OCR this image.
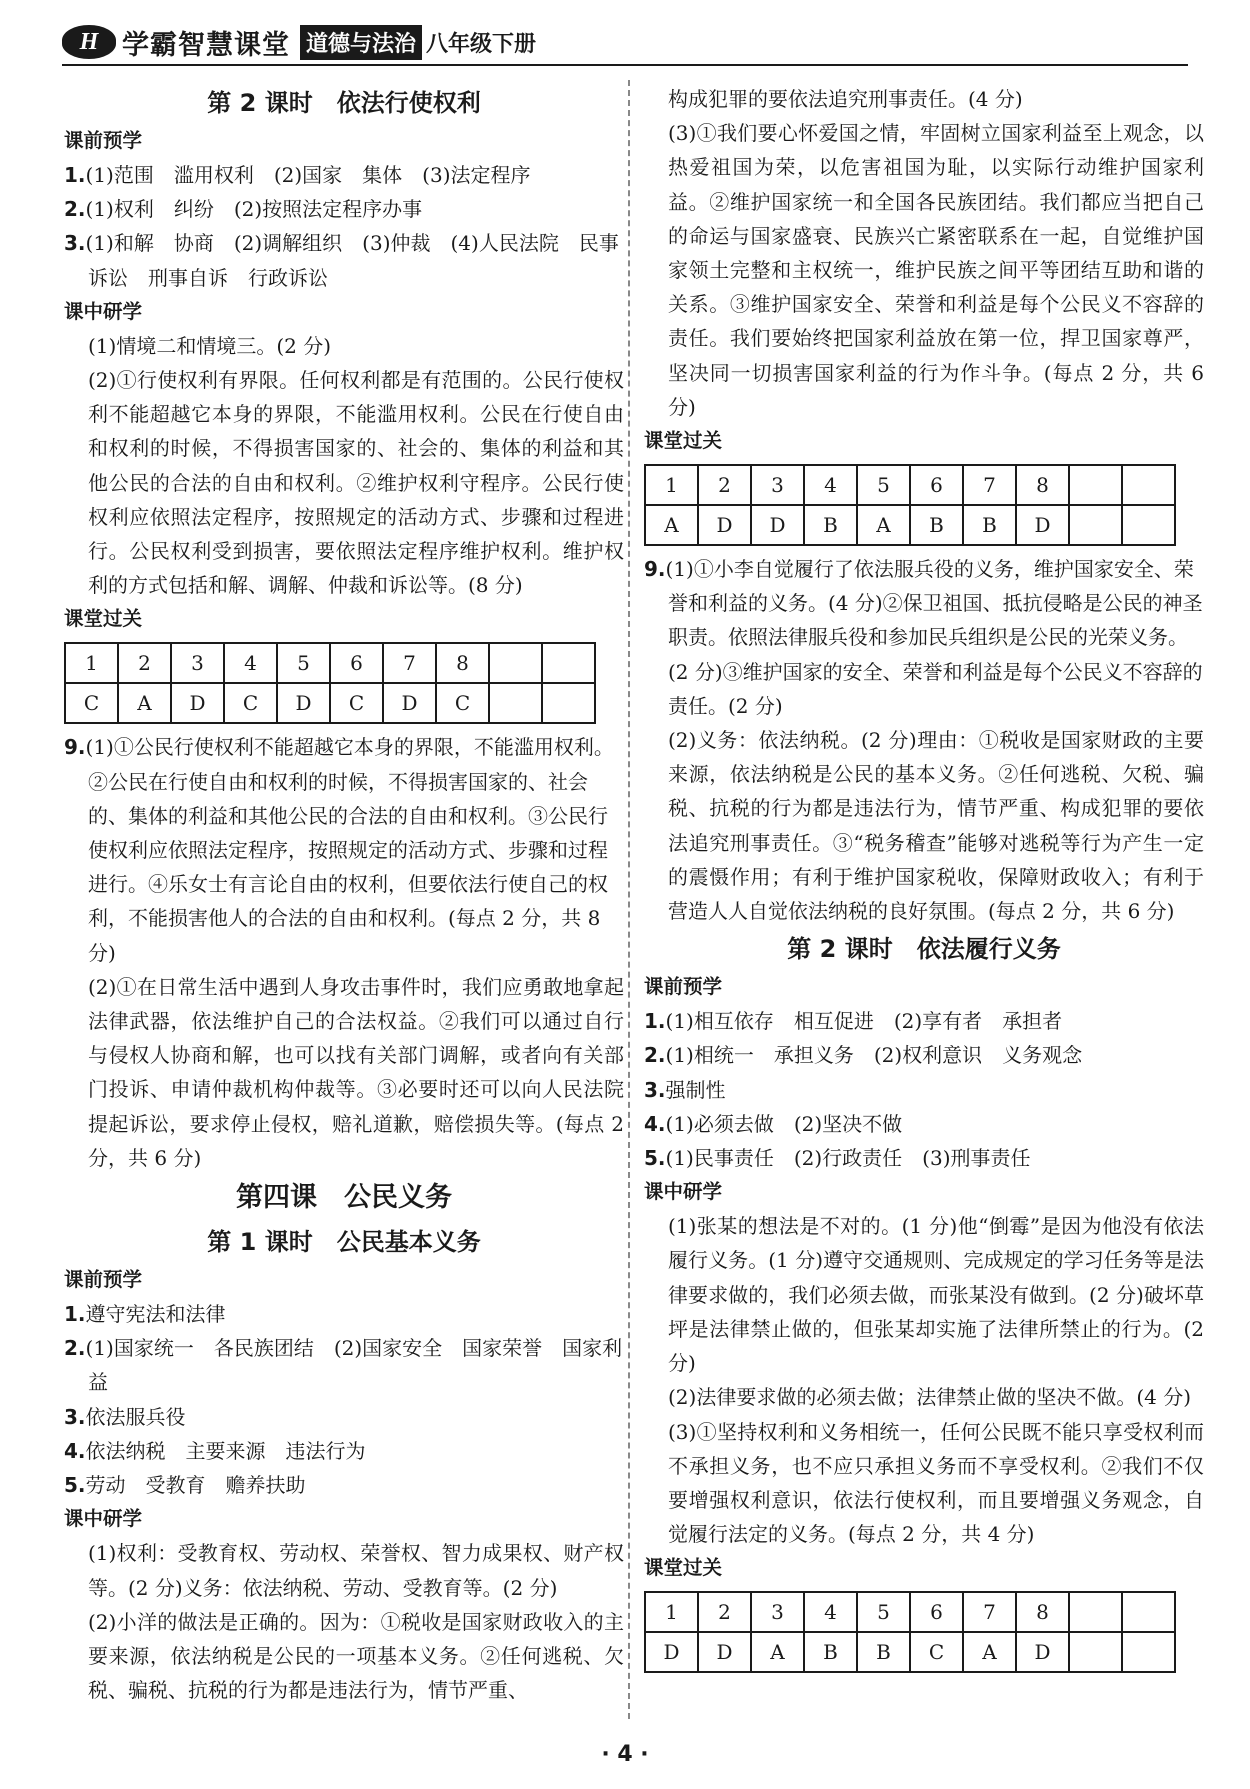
H 学霸智慧课堂 道德与法治 八年级下册
第 2 课时　依法行使权利
课前预学
1.(1)范围　滥用权利　(2)国家　集体　(3)法定程序
2.(1)权利　纠纷　(2)按照法定程序办事
3.(1)和解　协商　(2)调解组织　(3)仲裁　(4)人民法院　民事诉讼　刑事自诉　行政诉讼
课中研学
(1)情境二和情境三。(2 分)
(2)①行使权利有界限。任何权利都是有范围的。公民行使权利不能超越它本身的界限，不能滥用权利。公民在行使自由和权利的时候，不得损害国家的、社会的、集体的利益和其他公民的合法的自由和权利。②维护权利守程序。公民行使权利应依照法定程序，按照规定的活动方式、步骤和过程进行。公民权利受到损害，要依照法定程序维护权利。维护权利的方式包括和解、调解、仲裁和诉讼等。(8 分)
课堂过关
1	2	3	4	5	6	7	8		
C	A	D	C	D	C	D	C		
9.(1)①公民行使权利不能超越它本身的界限，不能滥用权利。②公民在行使自由和权利的时候，不得损害国家的、社会的、集体的利益和其他公民的合法的自由和权利。③公民行使权利应依照法定程序，按照规定的活动方式、步骤和过程进行。④乐女士有言论自由的权利，但要依法行使自己的权利，不能损害他人的合法的自由和权利。(每点 2 分，共 8 分)
(2)①在日常生活中遇到人身攻击事件时，我们应勇敢地拿起法律武器，依法维护自己的合法权益。②我们可以通过自行与侵权人协商和解，也可以找有关部门调解，或者向有关部门投诉、申请仲裁机构仲裁等。③必要时还可以向人民法院提起诉讼，要求停止侵权，赔礼道歉，赔偿损失等。(每点 2 分，共 6 分)
第四课　公民义务
第 1 课时　公民基本义务
课前预学
1.遵守宪法和法律
2.(1)国家统一　各民族团结　(2)国家安全　国家荣誉　国家利益
3.依法服兵役
4.依法纳税　主要来源　违法行为
5.劳动　受教育　赡养扶助
课中研学
(1)权利：受教育权、劳动权、荣誉权、智力成果权、财产权等。(2 分)义务：依法纳税、劳动、受教育等。(2 分)
(2)小洋的做法是正确的。因为：①税收是国家财政收入的主要来源，依法纳税是公民的一项基本义务。②任何逃税、欠税、骗税、抗税的行为都是违法行为，情节严重、
构成犯罪的要依法追究刑事责任。(4 分)
(3)①我们要心怀爱国之情，牢固树立国家利益至上观念，以热爱祖国为荣，以危害祖国为耻，以实际行动维护国家利益。②维护国家统一和全国各民族团结。我们都应当把自己的命运与国家盛衰、民族兴亡紧密联系在一起，自觉维护国家领土完整和主权统一，维护民族之间平等团结互助和谐的关系。③维护国家安全、荣誉和利益是每个公民义不容辞的责任。我们要始终把国家利益放在第一位，捍卫国家尊严，坚决同一切损害国家利益的行为作斗争。(每点 2 分，共 6 分)
课堂过关
1	2	3	4	5	6	7	8		
A	D	D	B	A	B	B	D		
9.(1)①小李自觉履行了依法服兵役的义务，维护国家安全、荣誉和利益的义务。(4 分)②保卫祖国、抵抗侵略是公民的神圣职责。依照法律服兵役和参加民兵组织是公民的光荣义务。(2 分)③维护国家的安全、荣誉和利益是每个公民义不容辞的责任。(2 分)
(2)义务：依法纳税。(2 分)理由：①税收是国家财政的主要来源，依法纳税是公民的基本义务。②任何逃税、欠税、骗税、抗税的行为都是违法行为，情节严重、构成犯罪的要依法追究刑事责任。③“税务稽查”能够对逃税等行为产生一定的震慑作用；有利于维护国家税收，保障财政收入；有利于营造人人自觉依法纳税的良好氛围。(每点 2 分，共 6 分)
第 2 课时　依法履行义务
课前预学
1.(1)相互依存　相互促进　(2)享有者　承担者
2.(1)相统一　承担义务　(2)权利意识　义务观念
3.强制性
4.(1)必须去做　(2)坚决不做
5.(1)民事责任　(2)行政责任　(3)刑事责任
课中研学
(1)张某的想法是不对的。(1 分)他“倒霉”是因为他没有依法履行义务。(1 分)遵守交通规则、完成规定的学习任务等是法律要求做的，我们必须去做，而张某没有做到。(2 分)破坏草坪是法律禁止做的，但张某却实施了法律所禁止的行为。(2 分)
(2)法律要求做的必须去做；法律禁止做的坚决不做。(4 分)
(3)①坚持权利和义务相统一，任何公民既不能只享受权利而不承担义务，也不应只承担义务而不享受权利。②我们不仅要增强权利意识，依法行使权利，而且要增强义务观念，自觉履行法定的义务。(每点 2 分，共 4 分)
课堂过关
1	2	3	4	5	6	7	8		
D	D	A	B	B	C	A	D		
· 4 ·
